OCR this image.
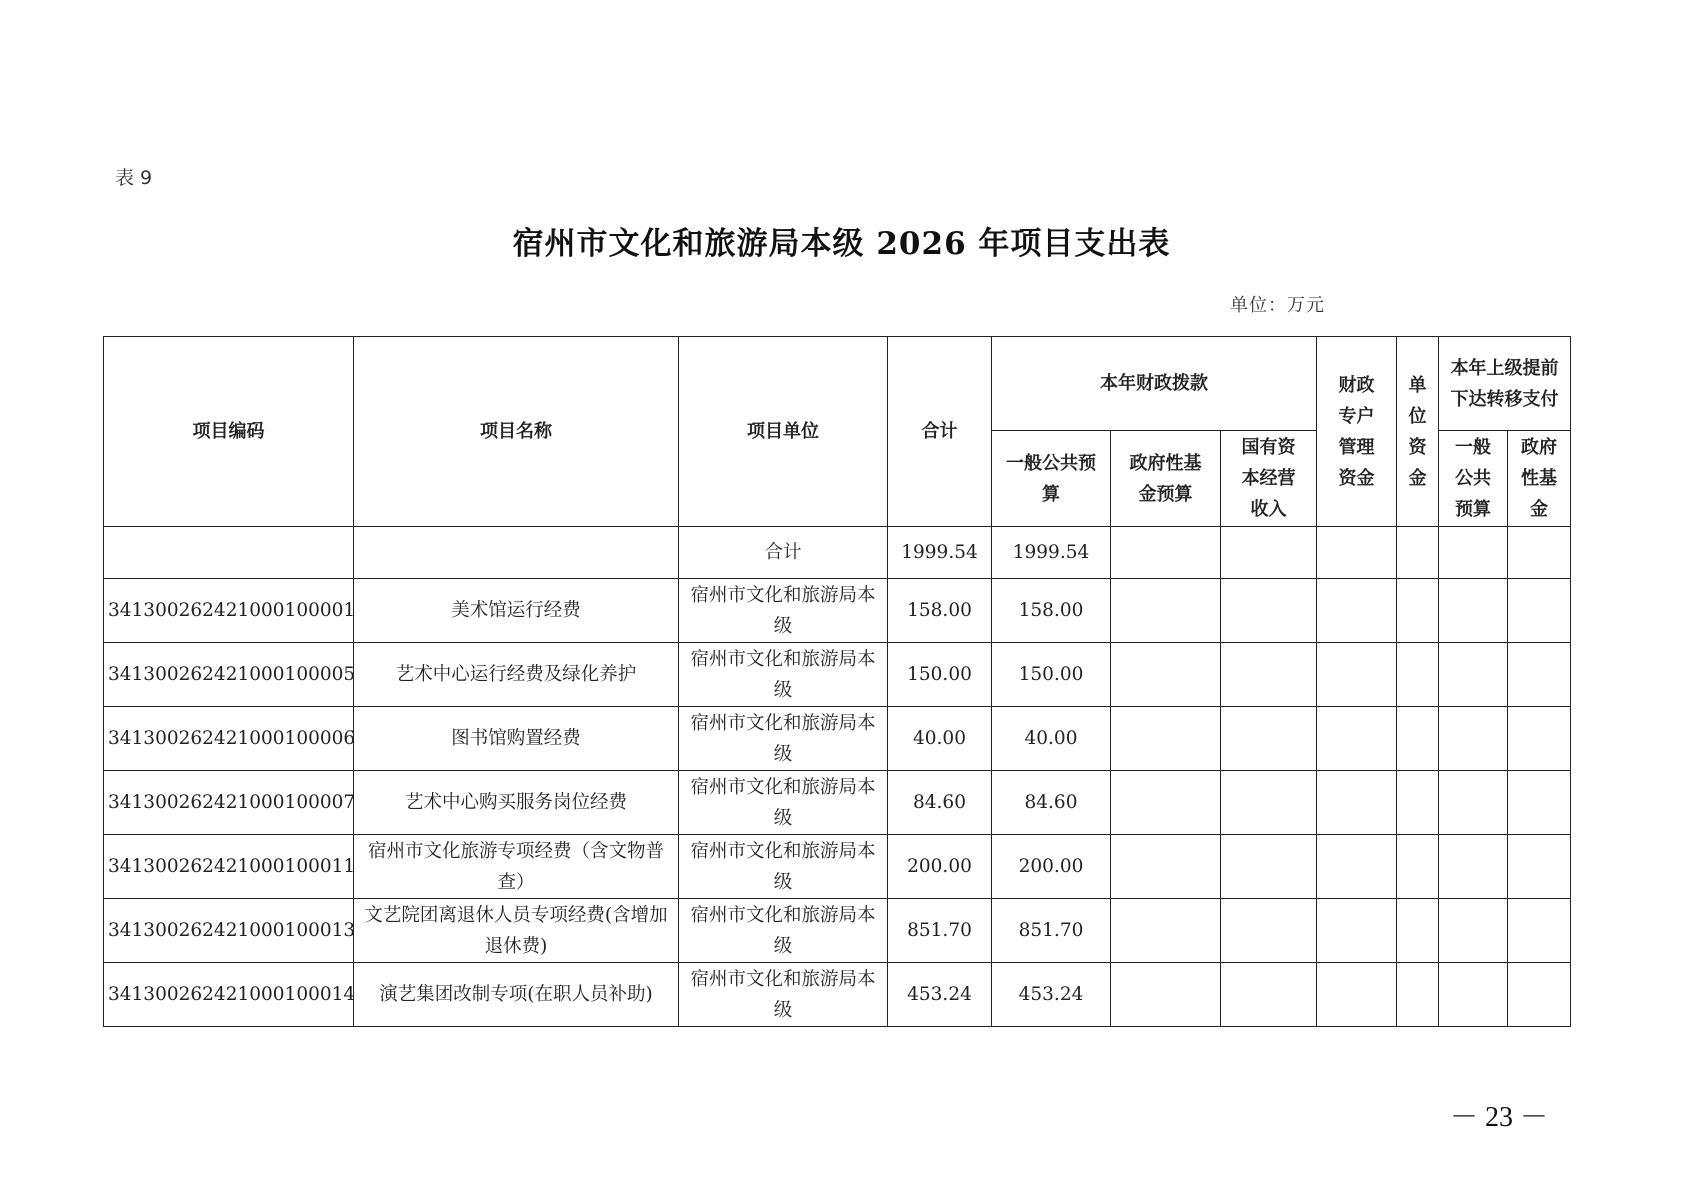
表 9
宿州市文化和旅游局本级 2026 年项目支出表
单位：万元
项目编码	项目名称	项目单位	合计	本年财政拨款			财政专户管理资金	单位资金	本年上级提前下达转移支付	
				一般公共预算	政府性基金预算	国有资本经营收入			一般公共预算	政府性基金
		合计	1999.54	1999.54						
341300262421000100001	美术馆运行经费	宿州市文化和旅游局本级	158.00	158.00						
341300262421000100005	艺术中心运行经费及绿化养护	宿州市文化和旅游局本级	150.00	150.00						
341300262421000100006	图书馆购置经费	宿州市文化和旅游局本级	40.00	40.00						
341300262421000100007	艺术中心购买服务岗位经费	宿州市文化和旅游局本级	84.60	84.60						
341300262421000100011	宿州市文化旅游专项经费（含文物普查）	宿州市文化和旅游局本级	200.00	200.00						
341300262421000100013	文艺院团离退休人员专项经费(含增加退休费)	宿州市文化和旅游局本级	851.70	851.70						
341300262421000100014	演艺集团改制专项(在职人员补助)	宿州市文化和旅游局本级	453.24	453.24						
－ 23 －
